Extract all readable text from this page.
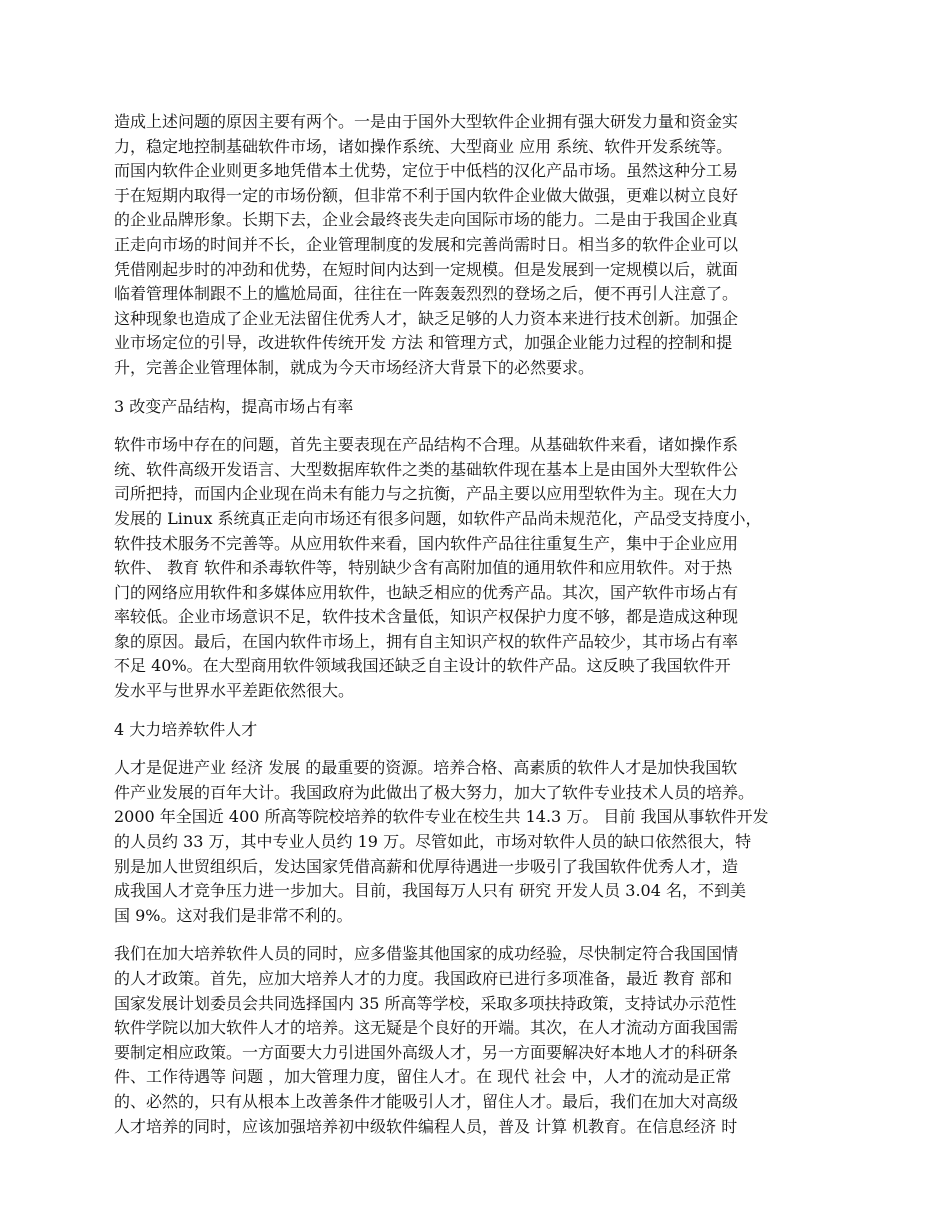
造成上述问题的原因主要有两个。一是由于国外大型软件企业拥有强大研发力量和资金实
力，稳定地控制基础软件市场，诸如操作系统、大型商业 应用 系统、软件开发系统等。
而国内软件企业则更多地凭借本土优势，定位于中低档的汉化产品市场。虽然这种分工易
于在短期内取得一定的市场份额，但非常不利于国内软件企业做大做强，更难以树立良好
的企业品牌形象。长期下去，企业会最终丧失走向国际市场的能力。二是由于我国企业真
正走向市场的时间并不长，企业管理制度的发展和完善尚需时日。相当多的软件企业可以
凭借刚起步时的冲劲和优势，在短时间内达到一定规模。但是发展到一定规模以后，就面
临着管理体制跟不上的尴尬局面，往往在一阵轰轰烈烈的登场之后，便不再引人注意了。
这种现象也造成了企业无法留住优秀人才，缺乏足够的人力资本来进行技术创新。加强企
业市场定位的引导，改进软件传统开发 方法 和管理方式，加强企业能力过程的控制和提
升，完善企业管理体制，就成为今天市场经济大背景下的必然要求。

3 改变产品结构，提高市场占有率

软件市场中存在的问题，首先主要表现在产品结构不合理。从基础软件来看，诸如操作系
统、软件高级开发语言、大型数据库软件之类的基础软件现在基本上是由国外大型软件公
司所把持，而国内企业现在尚未有能力与之抗衡，产品主要以应用型软件为主。现在大力
发展的 Linux 系统真正走向市场还有很多问题，如软件产品尚未规范化，产品受支持度小，
软件技术服务不完善等。从应用软件来看，国内软件产品往往重复生产，集中于企业应用
软件、 教育 软件和杀毒软件等，特别缺少含有高附加值的通用软件和应用软件。对于热
门的网络应用软件和多媒体应用软件，也缺乏相应的优秀产品。其次，国产软件市场占有
率较低。企业市场意识不足，软件技术含量低，知识产权保护力度不够，都是造成这种现
象的原因。最后，在国内软件市场上，拥有自主知识产权的软件产品较少，其市场占有率
不足 40%。在大型商用软件领域我国还缺乏自主设计的软件产品。这反映了我国软件开
发水平与世界水平差距依然很大。

4 大力培养软件人才

人才是促进产业 经济 发展 的最重要的资源。培养合格、高素质的软件人才是加快我国软
件产业发展的百年大计。我国政府为此做出了极大努力，加大了软件专业技术人员的培养。
2000 年全国近 400 所高等院校培养的软件专业在校生共 14.3 万。 目前 我国从事软件开发
的人员约 33 万，其中专业人员约 19 万。尽管如此，市场对软件人员的缺口依然很大，特
别是加人世贸组织后，发达国家凭借高薪和优厚待遇进一步吸引了我国软件优秀人才，造
成我国人才竞争压力进一步加大。目前，我国每万人只有 研究 开发人员 3.04 名，不到美
国 9%。这对我们是非常不利的。

我们在加大培养软件人员的同时，应多借鉴其他国家的成功经验，尽快制定符合我国国情
的人才政策。首先，应加大培养人才的力度。我国政府已进行多项准备，最近 教育 部和
国家发展计划委员会共同选择国内 35 所高等学校，采取多项扶持政策，支持试办示范性
软件学院以加大软件人才的培养。这无疑是个良好的开端。其次，在人才流动方面我国需
要制定相应政策。一方面要大力引进国外高级人才，另一方面要解决好本地人才的科研条
件、工作待遇等 问题 ，加大管理力度，留住人才。在 现代 社会 中，人才的流动是正常
的、必然的，只有从根本上改善条件才能吸引人才，留住人才。最后，我们在加大对高级
人才培养的同时，应该加强培养初中级软件编程人员，普及 计算 机教育。在信息经济 时
